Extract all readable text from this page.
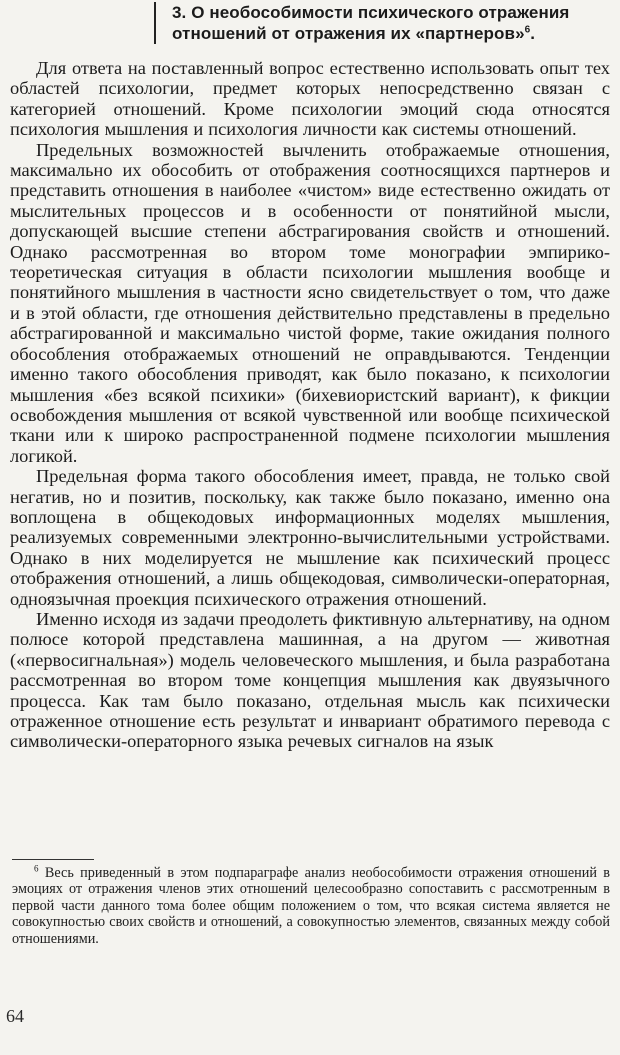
3. О необособимости психического отражения отношений от отражения их «партнеров»$^6$.

Для ответа на поставленный вопрос естественно использовать опыт тех областей психологии, предмет которых непосредственно связан с категорией отношений. Кроме психологии эмоций сюда относятся психология мышления и психология личности как системы отношений.

Предельных возможностей вычленить отображаемые отношения, максимально их обособить от отображения соотносящихся партнеров и представить отношения в наиболее «чистом» виде естественно ожидать от мыслительных процессов и в особенности от понятийной мысли, допускающей высшие степени абстрагирования свойств и отношений. Однако рассмотренная во втором томе монографии эмпирико-теоретическая ситуация в области психологии мышления вообще и понятийного мышления в частности ясно свидетельствует о том, что даже и в этой области, где отношения действительно представлены в предельно абстрагированной и максимально чистой форме, такие ожидания полного обособления отображаемых отношений не оправдываются. Тенденции именно такого обособления приводят, как было показано, к психологии мышления «без всякой психики» (бихевиористский вариант), к фикции освобождения мышления от всякой чувственной или вообще психической ткани или к широко распространенной подмене психологии мышления логикой.

Предельная форма такого обособления имеет, правда, не только свой негатив, но и позитив, поскольку, как также было показано, именно она воплощена в общекодовых информационных моделях мышления, реализуемых современными электронно-вычислительными устройствами. Однако в них моделируется не мышление как психический процесс отображения отношений, а лишь общекодовая, символически-операторная, одноязычная проекция психического отражения отношений.

Именно исходя из задачи преодолеть фиктивную альтернативу, на одном полюсе которой представлена машинная, а на другом — животная («первосигнальная») модель человеческого мышления, и была разработана рассмотренная во втором томе концепция мышления как двуязычного процесса. Как там было показано, отдельная мысль как психически отраженное отношение есть результат и инвариант обратимого перевода с символически-операторного языка речевых сигналов на язык

$^6$ Весь приведенный в этом подпараграфе анализ необособимости отражения отношений в эмоциях от отражения членов этих отношений целесообразно сопоставить с рассмотренным в первой части данного тома более общим положением о том, что всякая система является не совокупностью своих свойств и отношений, а совокупностью элементов, связанных между собой отношениями.

64
